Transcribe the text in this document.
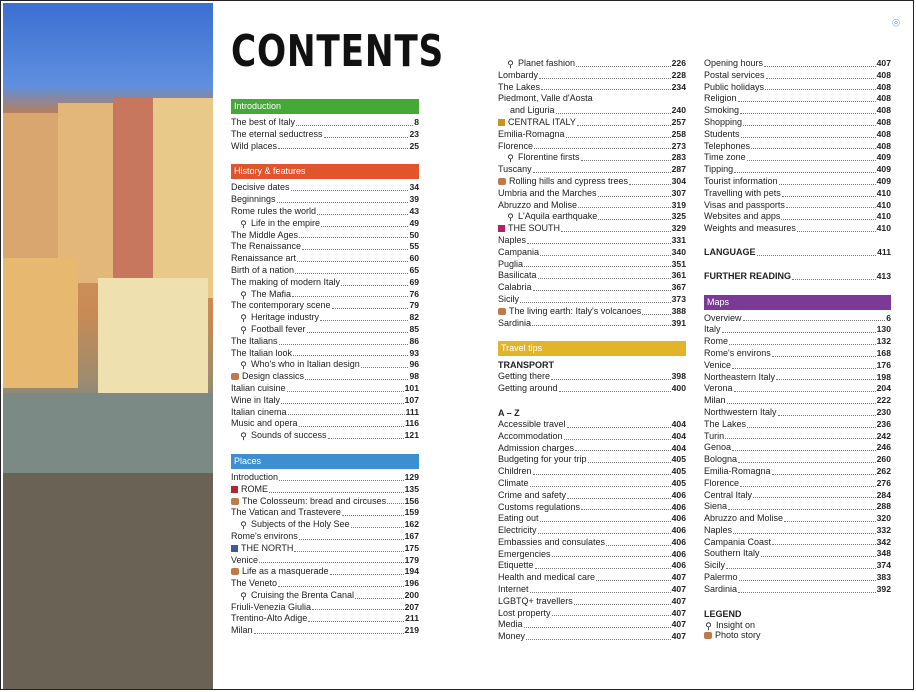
⌾
CONTENTS
Introduction
The best of Italy	8
The eternal seductress	23
Wild places	25
History & features
Decisive dates	34
Beginnings	39
Rome rules the world	43
⚲ Life in the empire	49
The Middle Ages	50
The Renaissance	55
Renaissance art	60
Birth of a nation	65
The making of modern Italy	69
⚲ The Mafia	76
The contemporary scene	79
⚲ Heritage industry	82
⚲ Football fever	85
The Italians	86
The Italian look	93
⚲ Who's who in Italian design	96
Design classics	98
Italian cuisine	101
Wine in Italy	107
Italian cinema	111
Music and opera	116
⚲ Sounds of success	121
Places
Introduction	129
ROME	135
The Colosseum: bread and circuses 156
The Vatican and Trastevere	159
⚲ Subjects of the Holy See	162
Rome's environs	167
THE NORTH	175
Venice	179
Life as a masquerade	194
The Veneto	196
⚲ Cruising the Brenta Canal	200
Friuli-Venezia Giulia	207
Trentino-Alto Adige	211
Milan	219
⚲ Planet fashion	226
Lombardy	228
The Lakes	234
Piedmont, Valle d'Aosta
and Liguria	240
CENTRAL ITALY	257
Emilia-Romagna	258
Florence	273
⚲ Florentine firsts	283
Tuscany	287
Rolling hills and cypress trees	304
Umbria and the Marches	307
Abruzzo and Molise	319
⚲ L'Aquila earthquake	325
THE SOUTH	329
Naples	331
Campania	340
Puglia	351
Basilicata	361
Calabria	367
Sicily	373
The living earth: Italy's volcanoes	388
Sardinia	391
Travel tips
TRANSPORT
Getting there	398
Getting around	400
A – Z
Accessible travel	404
Accommodation	404
Admission charges	404
Budgeting for your trip	405
Children	405
Climate	405
Crime and safety	406
Customs regulations	406
Eating out	406
Electricity	406
Embassies and consulates	406
Emergencies	406
Etiquette	406
Health and medical care	407
Internet	407
LGBTQ+ travellers	407
Lost property	407
Media	407
Money	407
Opening hours	407
Postal services	408
Public holidays	408
Religion	408
Smoking	408
Shopping	408
Students	408
Telephones	408
Time zone	409
Tipping	409
Tourist information	409
Travelling with pets	410
Visas and passports	410
Websites and apps	410
Weights and measures	410
LANGUAGE	411
FURTHER READING	413
Maps
Overview	6
Italy	130
Rome	132
Rome's environs	168
Venice	176
Northeastern Italy	198
Verona	204
Milan	222
Northwestern Italy	230
The Lakes	236
Turin	242
Genoa	246
Bologna	260
Emilia-Romagna	262
Florence	276
Central Italy	284
Siena	288
Abruzzo and Molise	320
Naples	332
Campania Coast	342
Southern Italy	348
Sicily	374
Palermo	383
Sardinia	392
LEGEND
⚲ Insight on
Photo story
